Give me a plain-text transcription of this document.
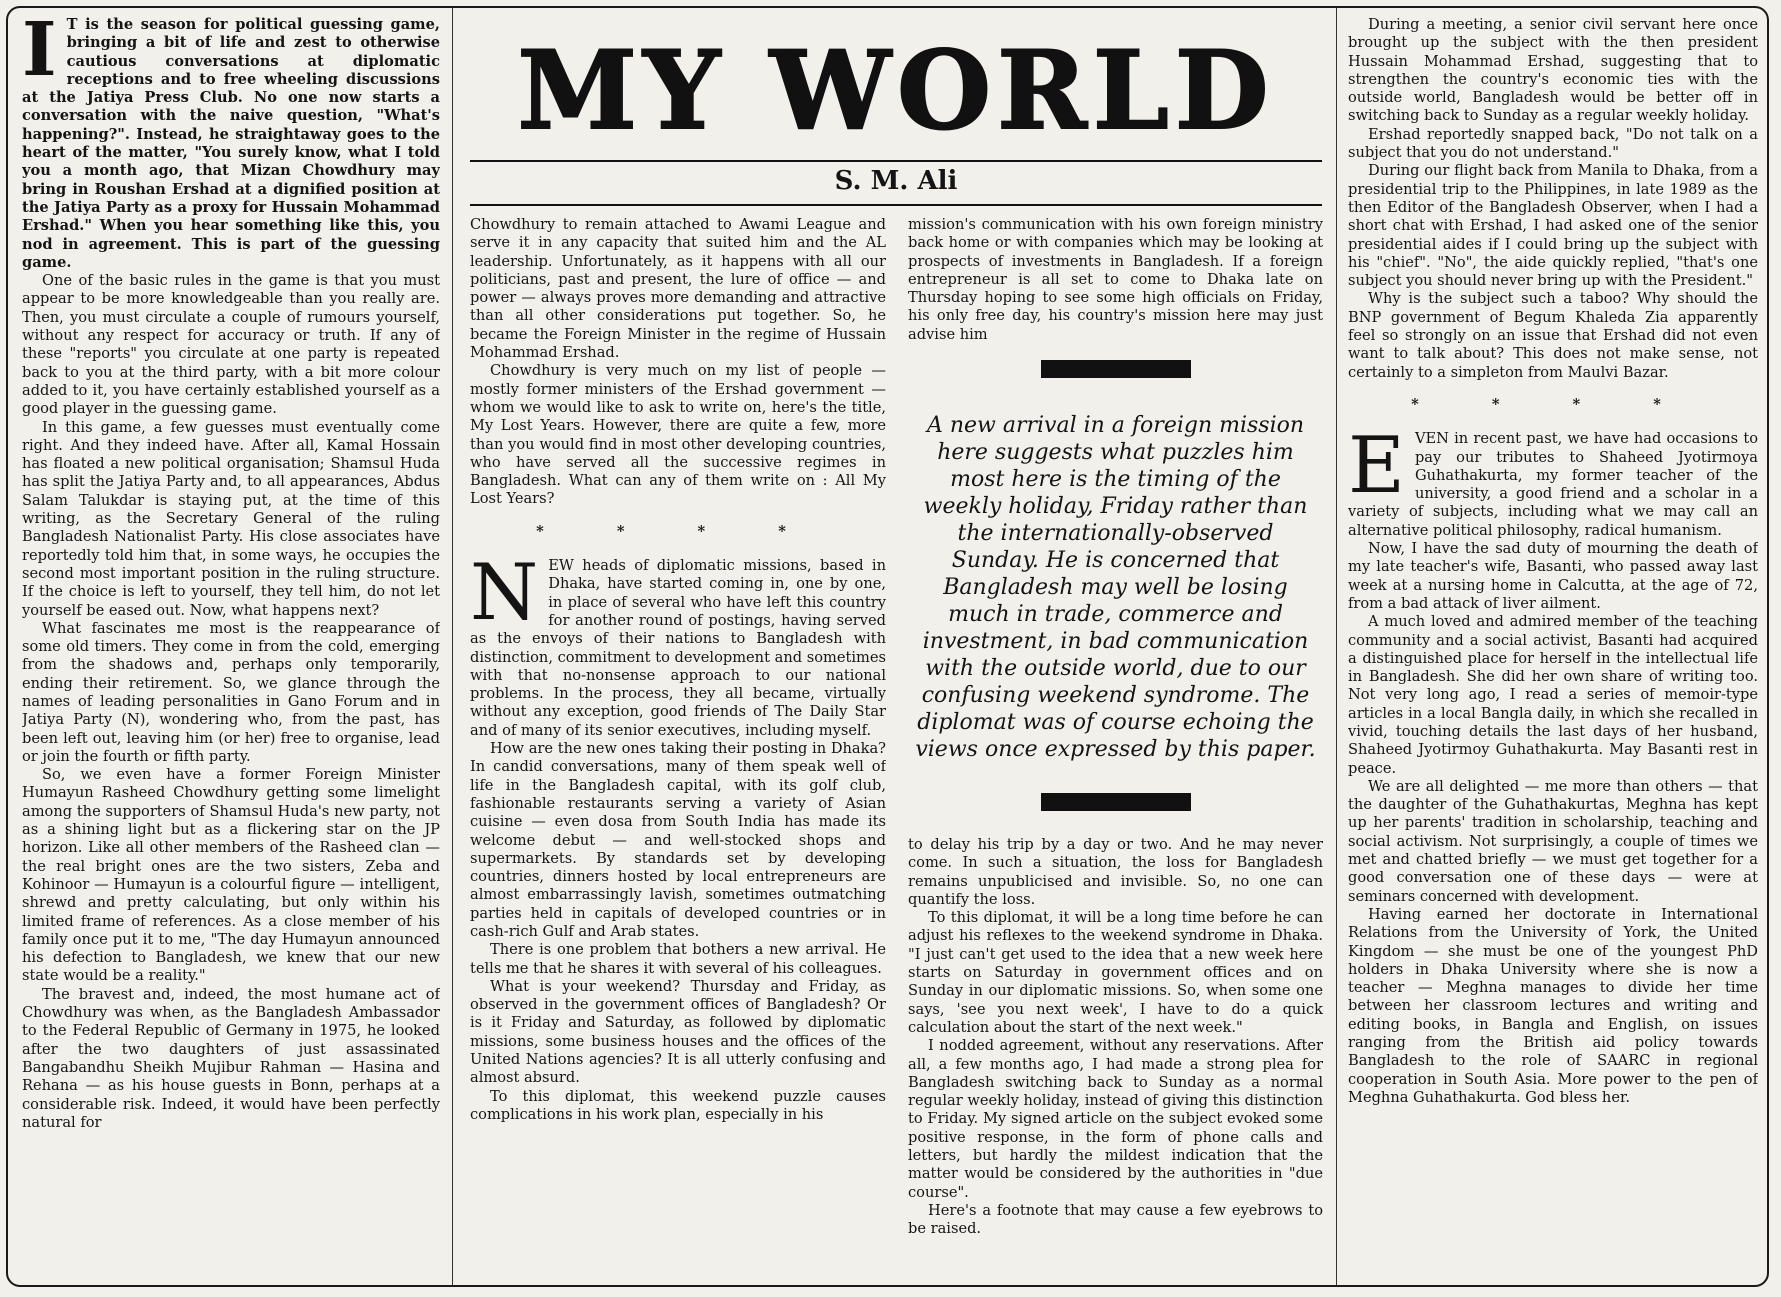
I T is the season for political guessing game, bringing a bit of life and zest to otherwise cautious conversations at diplomatic receptions and to free wheeling discussions at the Jatiya Press Club. No one now starts a conversation with the naive question, "What's happening?". Instead, he straightaway goes to the heart of the matter, "You surely know, what I told you a month ago, that Mizan Chowdhury may bring in Roushan Ershad at a dignified position at the Jatiya Party as a proxy for Hussain Mohammad Ershad." When you hear something like this, you nod in agreement. This is part of the guessing game.

One of the basic rules in the game is that you must appear to be more knowledgeable than you really are. Then, you must circulate a couple of rumours yourself, without any respect for accuracy or truth. If any of these "reports" you circulate at one party is repeated back to you at the third party, with a bit more colour added to it, you have certainly established yourself as a good player in the guessing game.

In this game, a few guesses must eventually come right. And they indeed have. After all, Kamal Hossain has floated a new political organisation; Shamsul Huda has split the Jatiya Party and, to all appearances, Abdus Salam Talukdar is staying put, at the time of this writing, as the Secretary General of the ruling Bangladesh Nationalist Party. His close associates have reportedly told him that, in some ways, he occupies the second most important position in the ruling structure. If the choice is left to yourself, they tell him, do not let yourself be eased out. Now, what happens next?

What fascinates me most is the reappearance of some old timers. They come in from the cold, emerging from the shadows and, perhaps only temporarily, ending their retirement. So, we glance through the names of leading personalities in Gano Forum and in Jatiya Party (N), wondering who, from the past, has been left out, leaving him (or her) free to organise, lead or join the fourth or fifth party.

So, we even have a former Foreign Minister Humayun Rasheed Chowdhury getting some limelight among the supporters of Shamsul Huda's new party, not as a shining light but as a flickering star on the JP horizon. Like all other members of the Rasheed clan — the real bright ones are the two sisters, Zeba and Kohinoor — Humayun is a colourful figure — intelligent, shrewd and pretty calculating, but only within his limited frame of references. As a close member of his family once put it to me, "The day Humayun announced his defection to Bangladesh, we knew that our new state would be a reality."

The bravest and, indeed, the most humane act of Chowdhury was when, as the Bangladesh Ambassador to the Federal Republic of Germany in 1975, he looked after the two daughters of just assassinated Bangabandhu Sheikh Mujibur Rahman — Hasina and Rehana — as his house guests in Bonn, perhaps at a considerable risk. Indeed, it would have been perfectly natural for

MY WORLD
S. M. Ali

Chowdhury to remain attached to Awami League and serve it in any capacity that suited him and the AL leadership. Unfortunately, as it happens with all our politicians, past and present, the lure of office — and power — always proves more demanding and attractive than all other considerations put together. So, he became the Foreign Minister in the regime of Hussain Mohammad Ershad.

Chowdhury is very much on my list of people — mostly former ministers of the Ershad government — whom we would like to ask to write on, here's the title, My Lost Years. However, there are quite a few, more than you would find in most other developing countries, who have served all the successive regimes in Bangladesh. What can any of them write on : All My Lost Years?

* * * *

NEW heads of diplomatic missions, based in Dhaka, have started coming in, one by one, in place of several who have left this country for another round of postings, having served as the envoys of their nations to Bangladesh with distinction, commitment to development and sometimes with that no-nonsense approach to our national problems. In the process, they all became, virtually without any exception, good friends of The Daily Star and of many of its senior executives, including myself.

How are the new ones taking their posting in Dhaka? In candid conversations, many of them speak well of life in the Bangladesh capital, with its golf club, fashionable restaurants serving a variety of Asian cuisine — even dosa from South India has made its welcome debut — and well-stocked shops and supermarkets. By standards set by developing countries, dinners hosted by local entrepreneurs are almost embarrassingly lavish, sometimes outmatching parties held in capitals of developed countries or in cash-rich Gulf and Arab states.

There is one problem that bothers a new arrival. He tells me that he shares it with several of his colleagues.

What is your weekend? Thursday and Friday, as observed in the government offices of Bangladesh? Or is it Friday and Saturday, as followed by diplomatic missions, some business houses and the offices of the United Nations agencies? It is all utterly confusing and almost absurd.

To this diplomat, this weekend puzzle causes complications in his work plan, especially in his

mission's communication with his own foreign ministry back home or with companies which may be looking at prospects of investments in Bangladesh. If a foreign entrepreneur is all set to come to Dhaka late on Thursday hoping to see some high officials on Friday, his only free day, his country's mission here may just advise him

A new arrival in a foreign mission here suggests what puzzles him most here is the timing of the weekly holiday, Friday rather than the internationally-observed Sunday. He is concerned that Bangladesh may well be losing much in trade, commerce and investment, in bad communication with the outside world, due to our confusing weekend syndrome. The diplomat was of course echoing the views once expressed by this paper.

to delay his trip by a day or two. And he may never come. In such a situation, the loss for Bangladesh remains unpublicised and invisible. So, no one can quantify the loss.

To this diplomat, it will be a long time before he can adjust his reflexes to the weekend syndrome in Dhaka. "I just can't get used to the idea that a new week here starts on Saturday in government offices and on Sunday in our diplomatic missions. So, when some one says, 'see you next week', I have to do a quick calculation about the start of the next week."

I nodded agreement, without any reservations. After all, a few months ago, I had made a strong plea for Bangladesh switching back to Sunday as a normal regular weekly holiday, instead of giving this distinction to Friday. My signed article on the subject evoked some positive response, in the form of phone calls and letters, but hardly the mildest indication that the matter would be considered by the authorities in "due course".

Here's a footnote that may cause a few eyebrows to be raised.

During a meeting, a senior civil servant here once brought up the subject with the then president Hussain Mohammad Ershad, suggesting that to strengthen the country's economic ties with the outside world, Bangladesh would be better off in switching back to Sunday as a regular weekly holiday.

Ershad reportedly snapped back, "Do not talk on a subject that you do not understand."

During our flight back from Manila to Dhaka, from a presidential trip to the Philippines, in late 1989 as the then Editor of the Bangladesh Observer, when I had a short chat with Ershad, I had asked one of the senior presidential aides if I could bring up the subject with his "chief". "No", the aide quickly replied, "that's one subject you should never bring up with the President."

Why is the subject such a taboo? Why should the BNP government of Begum Khaleda Zia apparently feel so strongly on an issue that Ershad did not even want to talk about? This does not make sense, not certainly to a simpleton from Maulvi Bazar.

* * * *

EVEN in recent past, we have had occasions to pay our tributes to Shaheed Jyotirmoya Guhathakurta, my former teacher of the university, a good friend and a scholar in a variety of subjects, including what we may call an alternative political philosophy, radical humanism.

Now, I have the sad duty of mourning the death of my late teacher's wife, Basanti, who passed away last week at a nursing home in Calcutta, at the age of 72, from a bad attack of liver ailment.

A much loved and admired member of the teaching community and a social activist, Basanti had acquired a distinguished place for herself in the intellectual life in Bangladesh. She did her own share of writing too. Not very long ago, I read a series of memoir-type articles in a local Bangla daily, in which she recalled in vivid, touching details the last days of her husband, Shaheed Jyotirmoy Guhathakurta. May Basanti rest in peace.

We are all delighted — me more than others — that the daughter of the Guhathakurtas, Meghna has kept up her parents' tradition in scholarship, teaching and social activism. Not surprisingly, a couple of times we met and chatted briefly — we must get together for a good conversation one of these days — were at seminars concerned with development.

Having earned her doctorate in International Relations from the University of York, the United Kingdom — she must be one of the youngest PhD holders in Dhaka University where she is now a teacher — Meghna manages to divide her time between her classroom lectures and writing and editing books, in Bangla and English, on issues ranging from the British aid policy towards Bangladesh to the role of SAARC in regional cooperation in South Asia. More power to the pen of Meghna Guhathakurta. God bless her.
